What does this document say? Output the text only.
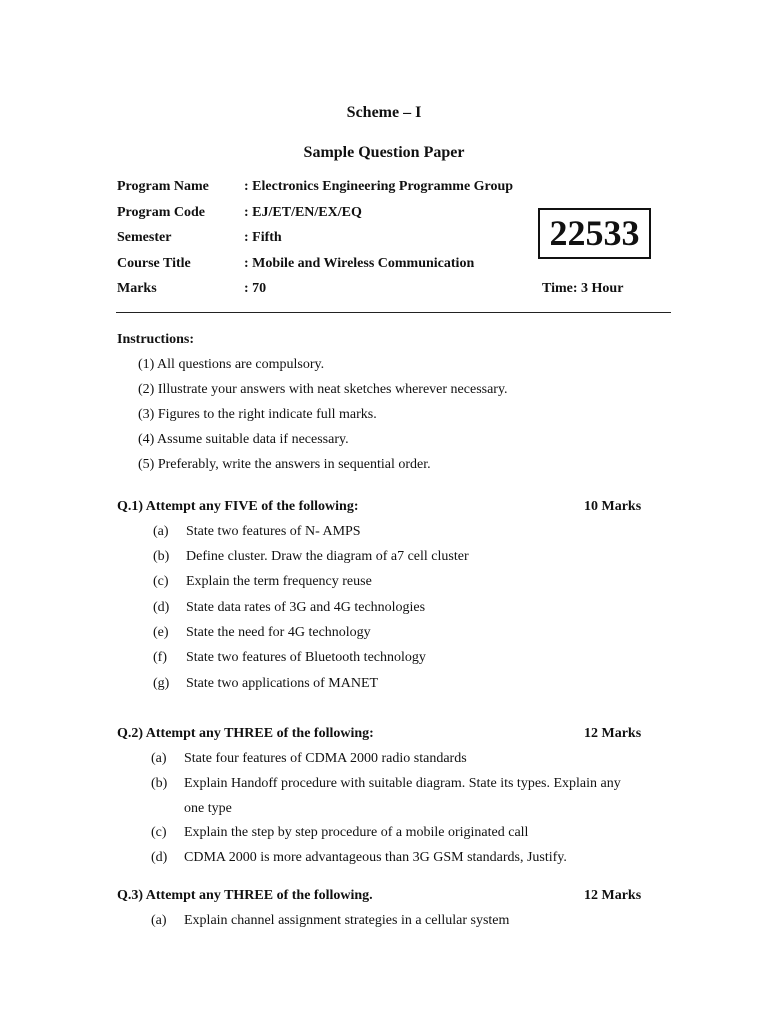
Scheme – I
Sample Question Paper
Program Name	: Electronics Engineering Programme Group
Program Code	: EJ/ET/EN/EX/EQ
Semester	: Fifth
Course Title	: Mobile and Wireless Communication
Marks	: 70
22533
Time: 3 Hour
Instructions:
(1) All questions are compulsory.
(2) Illustrate your answers with neat sketches wherever necessary.
(3) Figures to the right indicate full marks.
(4) Assume suitable data if necessary.
(5) Preferably, write the answers in sequential order.
Q.1) Attempt any FIVE of the following:	10 Marks
(a) State two features of N- AMPS
(b) Define cluster. Draw the diagram of a7 cell cluster
(c) Explain the term frequency reuse
(d) State data rates of 3G and 4G technologies
(e) State the need for 4G technology
(f) State two features of Bluetooth technology
(g) State two applications of MANET
Q.2) Attempt any THREE of the following:	12 Marks
(a) State four features of CDMA 2000 radio standards
(b) Explain Handoff procedure with suitable diagram. State its types. Explain any
one type
(c) Explain the step by step procedure of a mobile originated call
(d) CDMA 2000 is more advantageous than 3G GSM standards, Justify.
Q.3) Attempt any THREE of the following.	12 Marks
(a) Explain channel assignment strategies in a cellular system
